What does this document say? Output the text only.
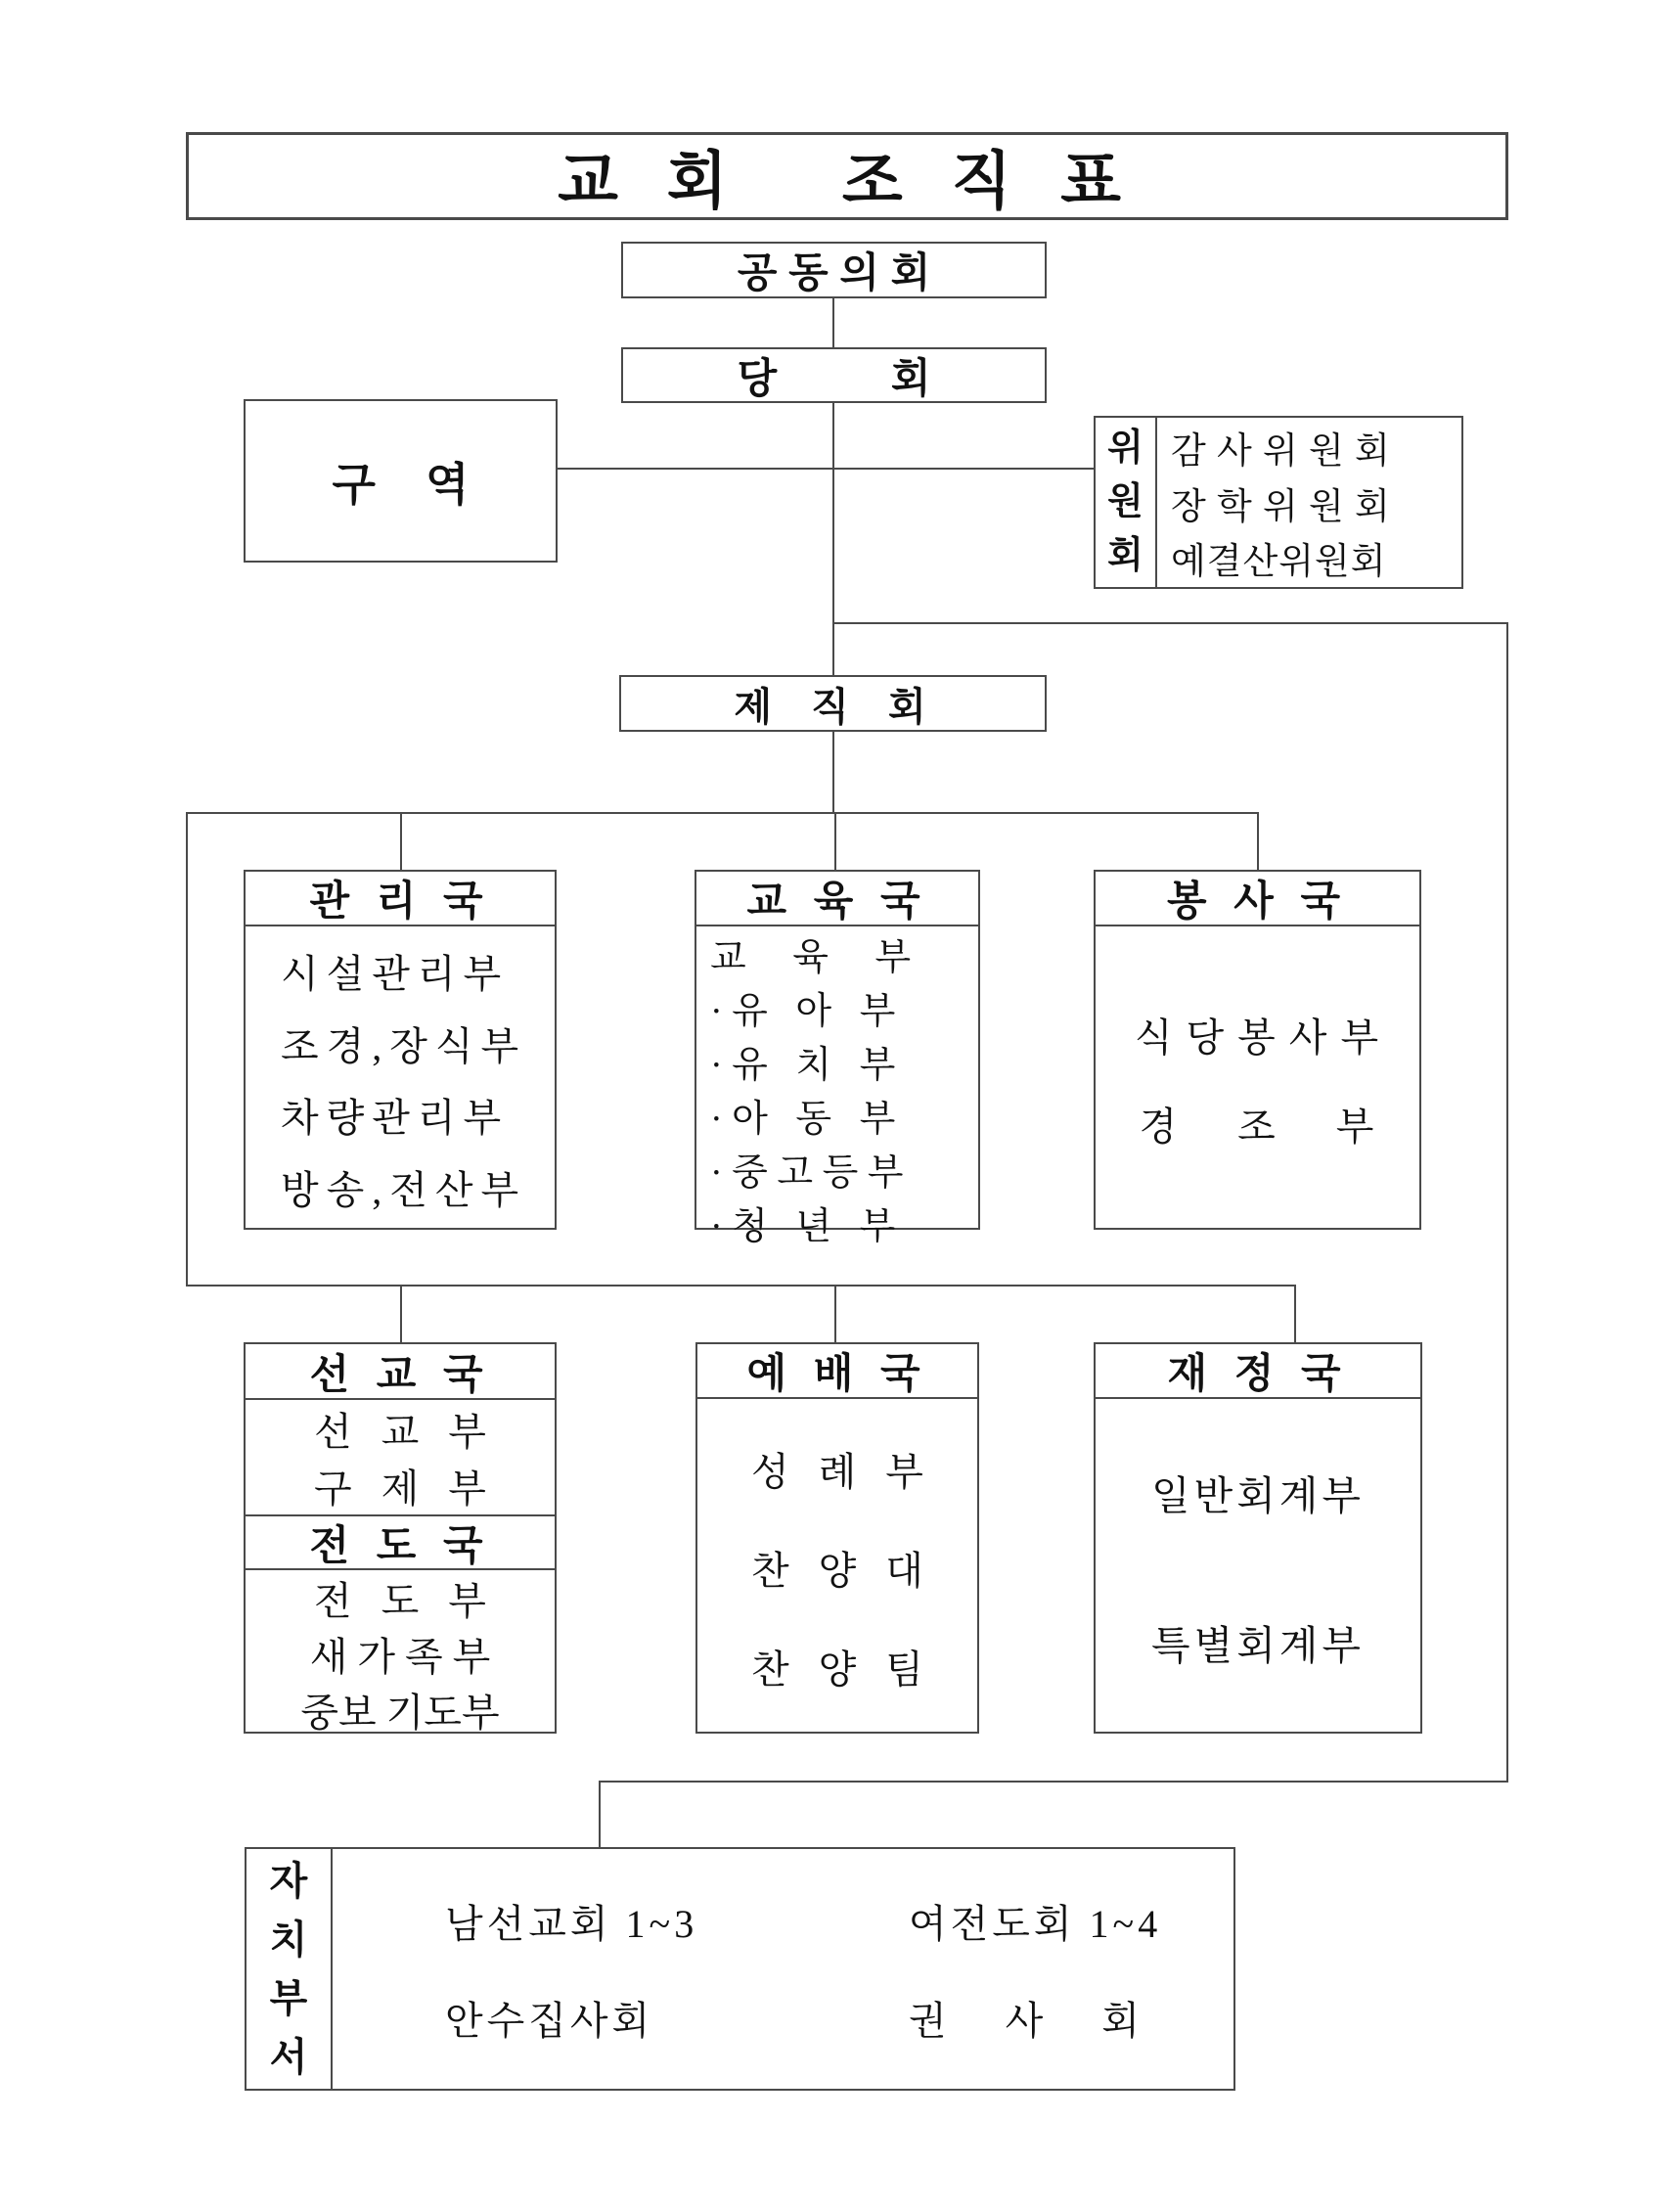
교 회   조 직 표
공 동 의 회
당          회
구    역
위
원
회
감 사 위 원 회
장 학 위 원 회
예결산위원회
제  직  회
관 리 국
시설관리부
조경,장식부
차량관리부
방송,전산부
교 육 국
교     육     부
· 유   아   부
· 유   치   부
· 아   동   부
· 중 고 등 부
· 청   년   부
봉 사 국
식 당 봉 사 부
경     조     부
선 교 국
선   교   부
구   제   부
전 도 국
전   도   부
새 가 족 부
중보 기도부
예 배 국
성   례   부
찬   양   대
찬   양   팀
재 정 국
일반회계부
특별회계부
자
치
부
서
남선교회 1~3	여전도회 1~4
안수집사회	권    사    회
